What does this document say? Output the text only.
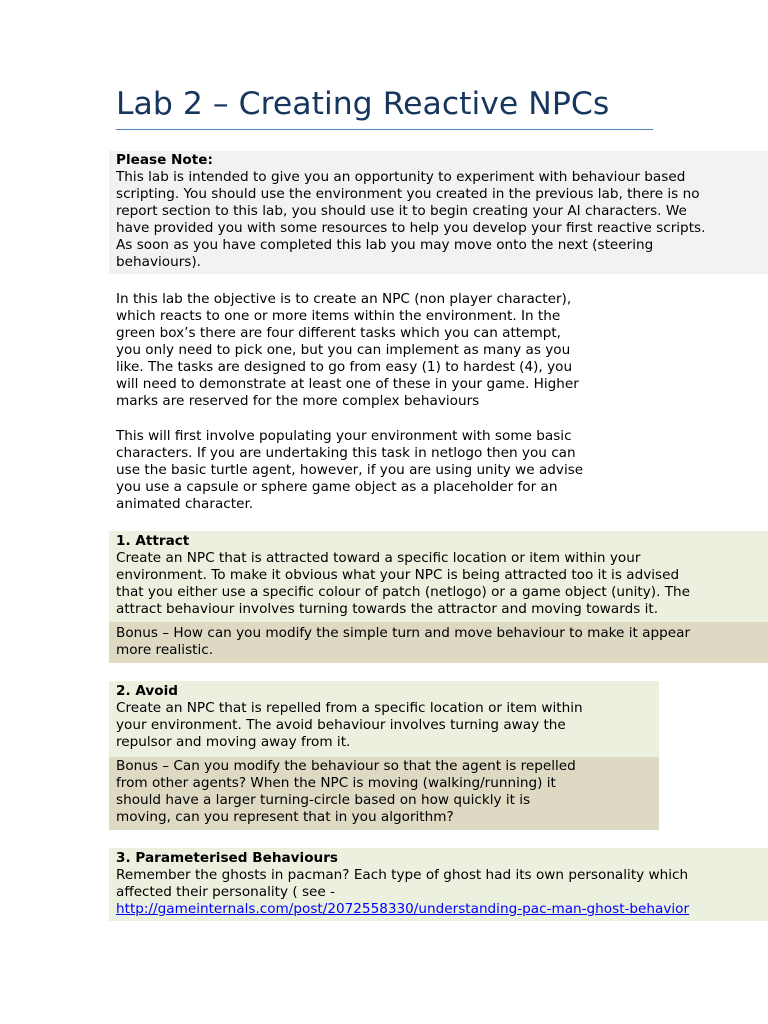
Lab 2 – Creating Reactive NPCs
Please Note:
This lab is intended to give you an opportunity to experiment with behaviour based
scripting. You should use the environment you created in the previous lab, there is no
report section to this lab, you should use it to begin creating your AI characters. We
have provided you with some resources to help you develop your first reactive scripts.
As soon as you have completed this lab you may move onto the next (steering
behaviours).
In this lab the objective is to create an NPC (non player character),
which reacts to one or more items within the environment. In the
green box’s there are four different tasks which you can attempt,
you only need to pick one, but you can implement as many as you
like. The tasks are designed to go from easy (1) to hardest (4), you
will need to demonstrate at least one of these in your game. Higher
marks are reserved for the more complex behaviours
This will first involve populating your environment with some basic
characters. If you are undertaking this task in netlogo then you can
use the basic turtle agent, however, if you are using unity we advise
you use a capsule or sphere game object as a placeholder for an
animated character.
1. Attract
Create an NPC that is attracted toward a specific location or item within your
environment. To make it obvious what your NPC is being attracted too it is advised
that you either use a specific colour of patch (netlogo) or a game object (unity). The
attract behaviour involves turning towards the attractor and moving towards it.
Bonus – How can you modify the simple turn and move behaviour to make it appear
more realistic.
2. Avoid
Create an NPC that is repelled from a specific location or item within
your environment. The avoid behaviour involves turning away the
repulsor and moving away from it.
Bonus – Can you modify the behaviour so that the agent is repelled
from other agents? When the NPC is moving (walking/running) it
should have a larger turning-circle based on how quickly it is
moving, can you represent that in you algorithm?
3. Parameterised Behaviours
Remember the ghosts in pacman? Each type of ghost had its own personality which
affected their personality ( see -
http://gameinternals.com/post/2072558330/understanding-pac-man-ghost-behavior
